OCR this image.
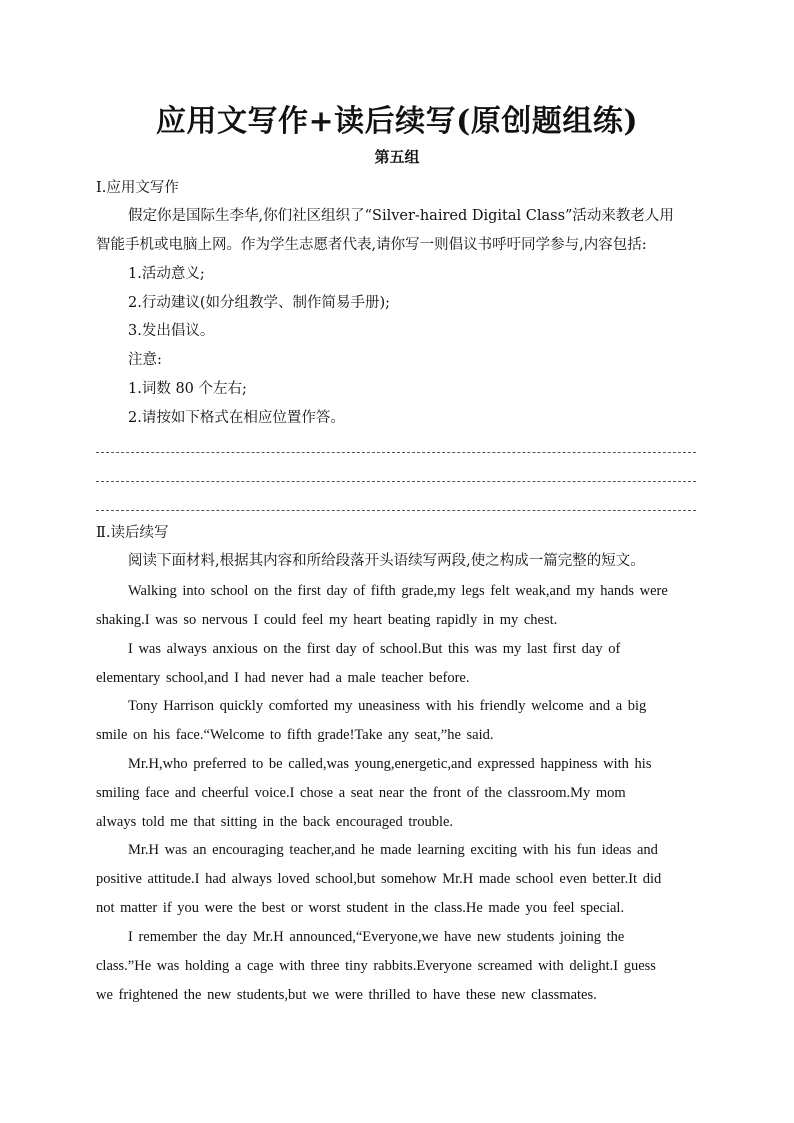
应用文写作+读后续写(原创题组练)
第五组
Ⅰ.应用文写作
假定你是国际生李华,你们社区组织了“Silver-haired Digital Class”活动来教老人用
智能手机或电脑上网。作为学生志愿者代表,请你写一则倡议书呼吁同学参与,内容包括:
1.活动意义;
2.行动建议(如分组教学、制作简易手册);
3.发出倡议。
注意:
1.词数 80 个左右;
2.请按如下格式在相应位置作答。
Ⅱ.读后续写
阅读下面材料,根据其内容和所给段落开头语续写两段,使之构成一篇完整的短文。
Walking into school on the first day of fifth grade,my legs felt weak,and my hands were
shaking.I was so nervous I could feel my heart beating rapidly in my chest.
I was always anxious on the first day of school.But this was my last first day of
elementary school,and I had never had a male teacher before.
Tony Harrison quickly comforted my uneasiness with his friendly welcome and a big
smile on his face.“Welcome to fifth grade!Take any seat,”he said.
Mr.H,who preferred to be called,was young,energetic,and expressed happiness with his
smiling face and cheerful voice.I chose a seat near the front of the classroom.My mom
always told me that sitting in the back encouraged trouble.
Mr.H was an encouraging teacher,and he made learning exciting with his fun ideas and
positive attitude.I had always loved school,but somehow Mr.H made school even better.It did
not matter if you were the best or worst student in the class.He made you feel special.
I remember the day Mr.H announced,“Everyone,we have new students joining the
class.”He was holding a cage with three tiny rabbits.Everyone screamed with delight.I guess
we frightened the new students,but we were thrilled to have these new classmates.
